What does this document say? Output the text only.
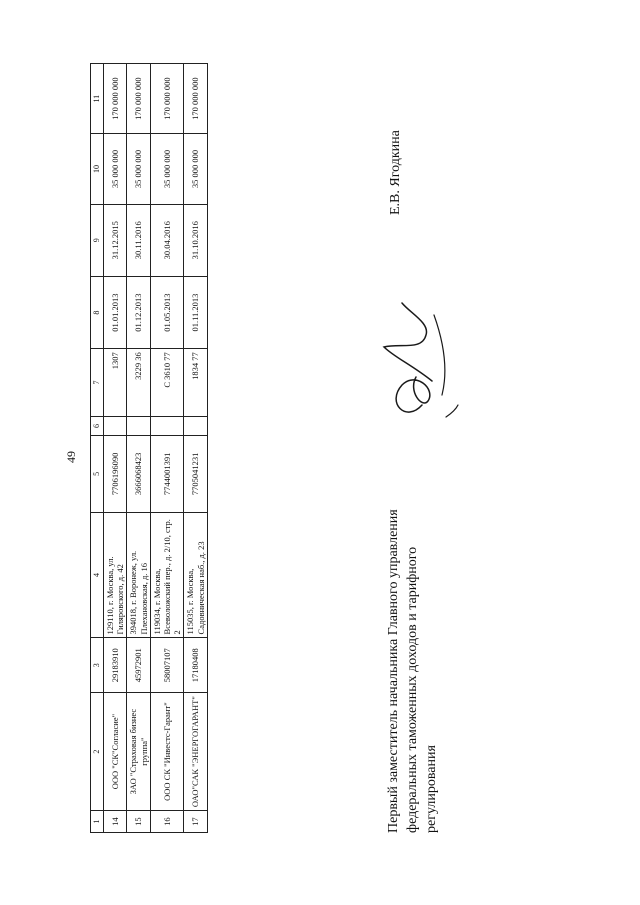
49
1	2	3	4	5	6	7	8	9	10	11
14	ООО "СК"Согласие"	29183910	129110, г. Москва, ул. Гиляровского, д. 42	7706196090		1307	01.01.2013	31.12.2015	35 000 000	170 000 000
15	ЗАО "Страховая бизнес группа"	45972901	394018, г. Воронеж, ул. Плехановская, д. 16	3666068423		3229 36	01.12.2013	30.11.2016	35 000 000	170 000 000
16	ООО СК "Инвестс-Гарант"	58007107	119034, г. Москва, Всеволожский пер., д. 2/10, стр. 2	7744001391		С 3610 77	01.05.2013	30.04.2016	35 000 000	170 000 000
17	ОАО"САК "ЭНЕРГОГАРАНТ"	17180408	115035, г. Москва, Садовническая наб., д. 23	7705041231		1834 77	01.11.2013	31.10.2016	35 000 000	170 000 000
Первый заместитель начальника Главного управления федеральных таможенных доходов и тарифного регулирования
Е.В. Ягодкина
